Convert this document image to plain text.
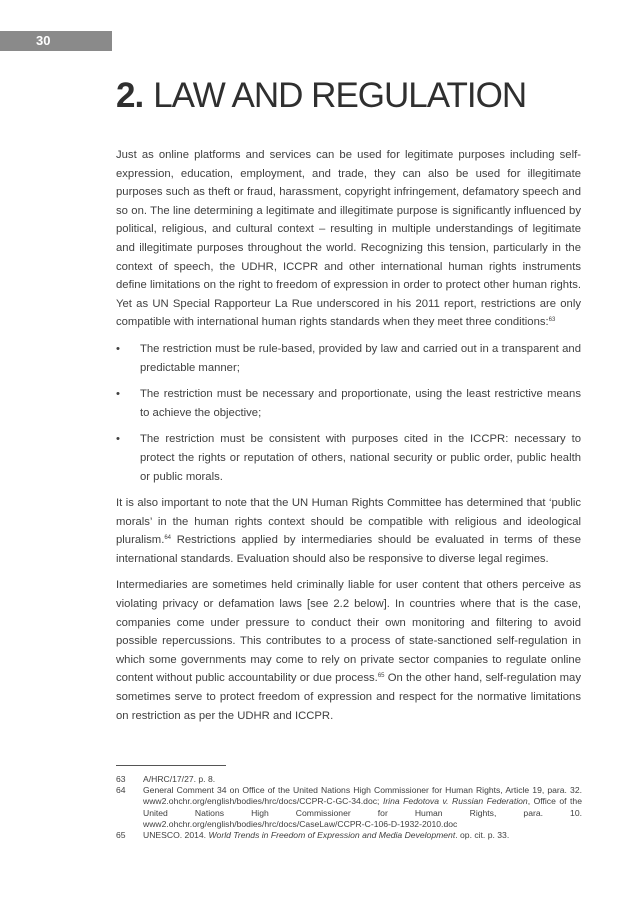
30
2. LAW AND REGULATION

Just as online platforms and services can be used for legitimate purposes including self-expression, education, employment, and trade, they can also be used for illegitimate purposes such as theft or fraud, harassment, copyright infringement, defamatory speech and so on. The line determining a legitimate and illegitimate purpose is significantly influenced by political, religious, and cultural context – resulting in multiple understandings of legitimate and illegitimate purposes throughout the world. Recognizing this tension, particularly in the context of speech, the UDHR, ICCPR and other international human rights instruments define limitations on the right to freedom of expression in order to protect other human rights. Yet as UN Special Rapporteur La Rue underscored in his 2011 report, restrictions are only compatible with international human rights standards when they meet three conditions:$^{63}$

• The restriction must be rule-based, provided by law and carried out in a transparent and predictable manner;
• The restriction must be necessary and proportionate, using the least restrictive means to achieve the objective;
• The restriction must be consistent with purposes cited in the ICCPR: necessary to protect the rights or reputation of others, national security or public order, public health or public morals.

It is also important to note that the UN Human Rights Committee has determined that ‘public morals’ in the human rights context should be compatible with religious and ideological pluralism.$^{64}$ Restrictions applied by intermediaries should be evaluated in terms of these international standards. Evaluation should also be responsive to diverse legal regimes.

Intermediaries are sometimes held criminally liable for user content that others perceive as violating privacy or defamation laws [see 2.2 below]. In countries where that is the case, companies come under pressure to conduct their own monitoring and filtering to avoid possible repercussions. This contributes to a process of state-sanctioned self-regulation in which some governments may come to rely on private sector companies to regulate online content without public accountability or due process.$^{65}$ On the other hand, self-regulation may sometimes serve to protect freedom of expression and respect for the normative limitations on restriction as per the UDHR and ICCPR.

63 A/HRC/17/27. p. 8.
64 General Comment 34 on Office of the United Nations High Commissioner for Human Rights, Article 19, para. 32. www2.ohchr.org/english/bodies/hrc/docs/CCPR-C-GC-34.doc; Irina Fedotova v. Russian Federation, Office of the United Nations High Commissioner for Human Rights, para. 10. www2.ohchr.org/english/bodies/hrc/docs/CaseLaw/CCPR-C-106-D-1932-2010.doc
65 UNESCO. 2014. World Trends in Freedom of Expression and Media Development. op. cit. p. 33.
